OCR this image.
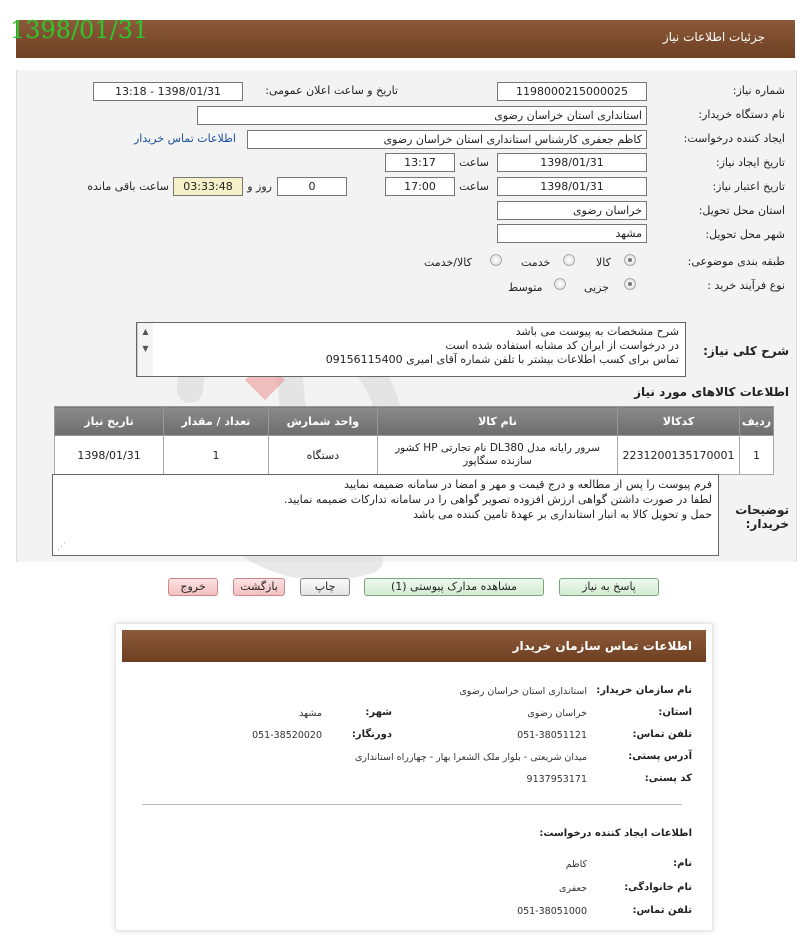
جزئیات اطلاعات نیاز
1398/01/31
شماره نیاز:
1198000215000025
تاریخ و ساعت اعلان عمومی:
1398/01/31 - 13:18
نام دستگاه خریدار:
استانداری استان خراسان رضوی
ایجاد کننده درخواست:
کاظم جعفری کارشناس استانداری استان خراسان رضوی
اطلاعات تماس خریدار
تاریخ ایجاد نیاز:
1398/01/31
ساعت
13:17
تاریخ اعتبار نیاز:
1398/01/31
ساعت
17:00
0
روز و
03:33:48
ساعت باقی مانده
استان محل تحویل:
خراسان رضوی
شهر محل تحویل:
مشهد
طبقه بندی موضوعی:
کالا
خدمت
کالا/خدمت
نوع فرآیند خرید :
جزیی
متوسط
شرح کلی نیاز:
شرح مشخصات به پیوست می باشد
در درخواست از ایران کد مشابه استفاده شده است
تماس برای کسب اطلاعات بیشتر با تلفن شماره آقای امیری 09156115400
▲
▼
اطلاعات کالاهای مورد نیاز
ردیف	کدکالا	نام کالا	واحد شمارش	تعداد / مقدار	تاریخ نیاز
1	2231200135170001	سرور رایانه مدل DL380 نام تجارتی HP کشور سازنده سنگاپور	دستگاه	1	1398/01/31
توضیحات خریدار:
فرم پیوست را پس از مطالعه و درج قیمت و مهر و امضا در سامانه ضمیمه نمایید
لطفا در صورت داشتن گواهی ارزش افزوده تصویر گواهی را در سامانه تدارکات ضمیمه نمایید.
حمل و تحویل کالا به انبار استانداری بر عهدهٔ تامین کننده می باشد
⋰
پاسخ به نیاز
مشاهده مدارک پیوستی (1)
چاپ
بازگشت
خروج
اطلاعات تماس سازمان خریدار
نام سازمان خریدار:
استانداری استان خراسان رضوی
استان:
خراسان رضوی
شهر:
مشهد
تلفن تماس:
051-38051121
دورنگار:
051-38520020
آدرس پستی:
میدان شریعتی - بلوار ملک الشعرا بهار - چهارراه استانداری
کد پستی:
9137953171
اطلاعات ایجاد کننده درخواست:
نام:
کاظم
نام خانوادگی:
جعفری
تلفن تماس:
051-38051000
